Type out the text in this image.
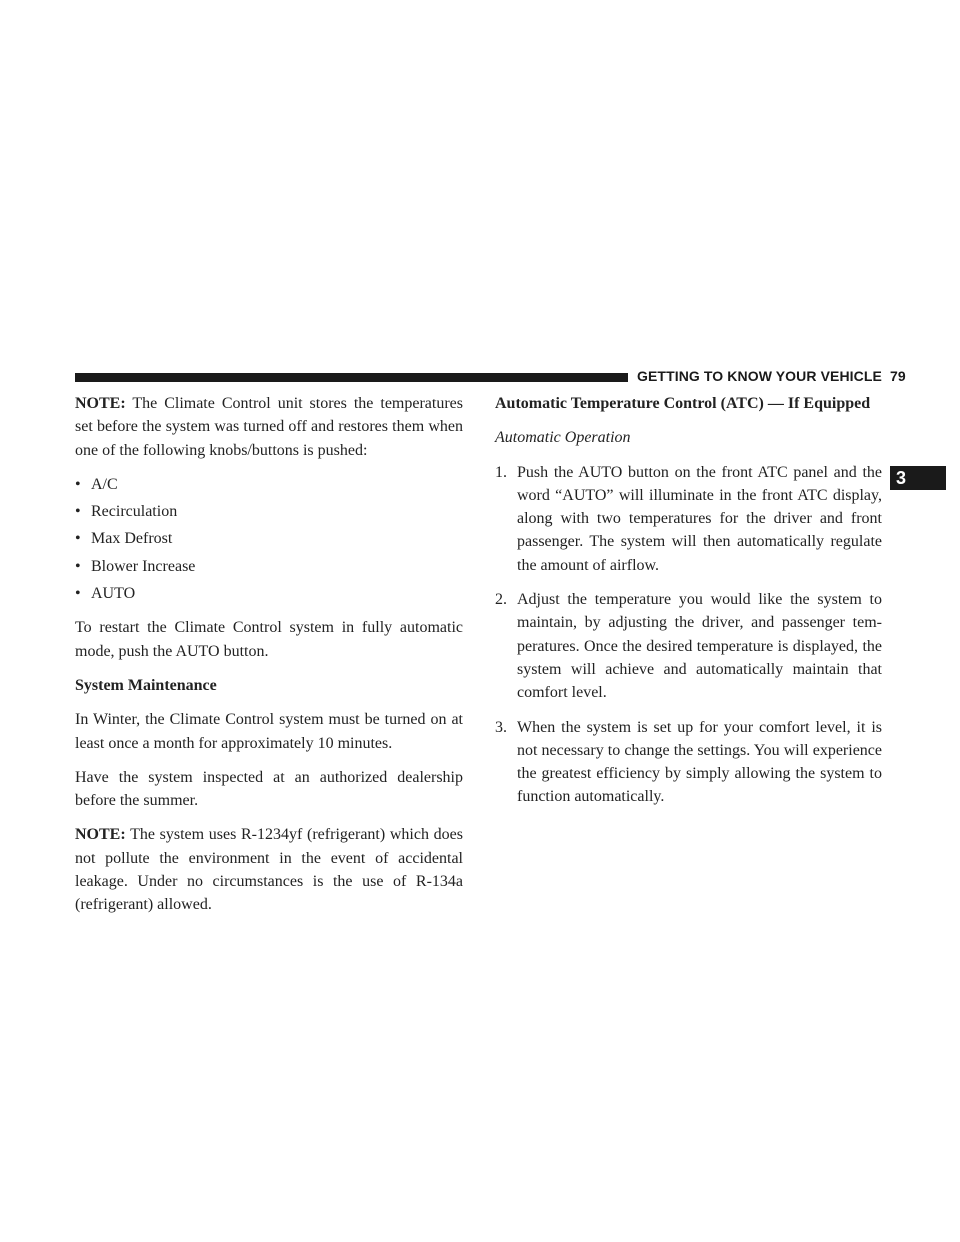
GETTING TO KNOW YOUR VEHICLE 79
3

NOTE: The Climate Control unit stores the temperatures set before the system was turned off and restores them when one of the following knobs/buttons is pushed:

• A/C
• Recirculation
• Max Defrost
• Blower Increase
• AUTO

To restart the Climate Control system in fully automatic mode, push the AUTO button.

System Maintenance

In Winter, the Climate Control system must be turned on at least once a month for approximately 10 minutes.

Have the system inspected at an authorized dealership before the summer.

NOTE: The system uses R-1234yf (refrigerant) which does not pollute the environment in the event of accidental leakage. Under no circumstances is the use of R-134a (refrigerant) allowed.

Automatic Temperature Control (ATC) — If Equipped
Automatic Operation
1. Push the AUTO button on the front ATC panel and the word “AUTO” will illuminate in the front ATC display, along with two temperatures for the driver and front passenger. The system will then automatically regulate the amount of airflow.
2. Adjust the temperature you would like the system to maintain, by adjusting the driver, and passenger tem-peratures. Once the desired temperature is displayed, the system will achieve and automatically maintain that comfort level.
3. When the system is set up for your comfort level, it is not necessary to change the settings. You will experience the greatest efficiency by simply allowing the system to function automatically.
